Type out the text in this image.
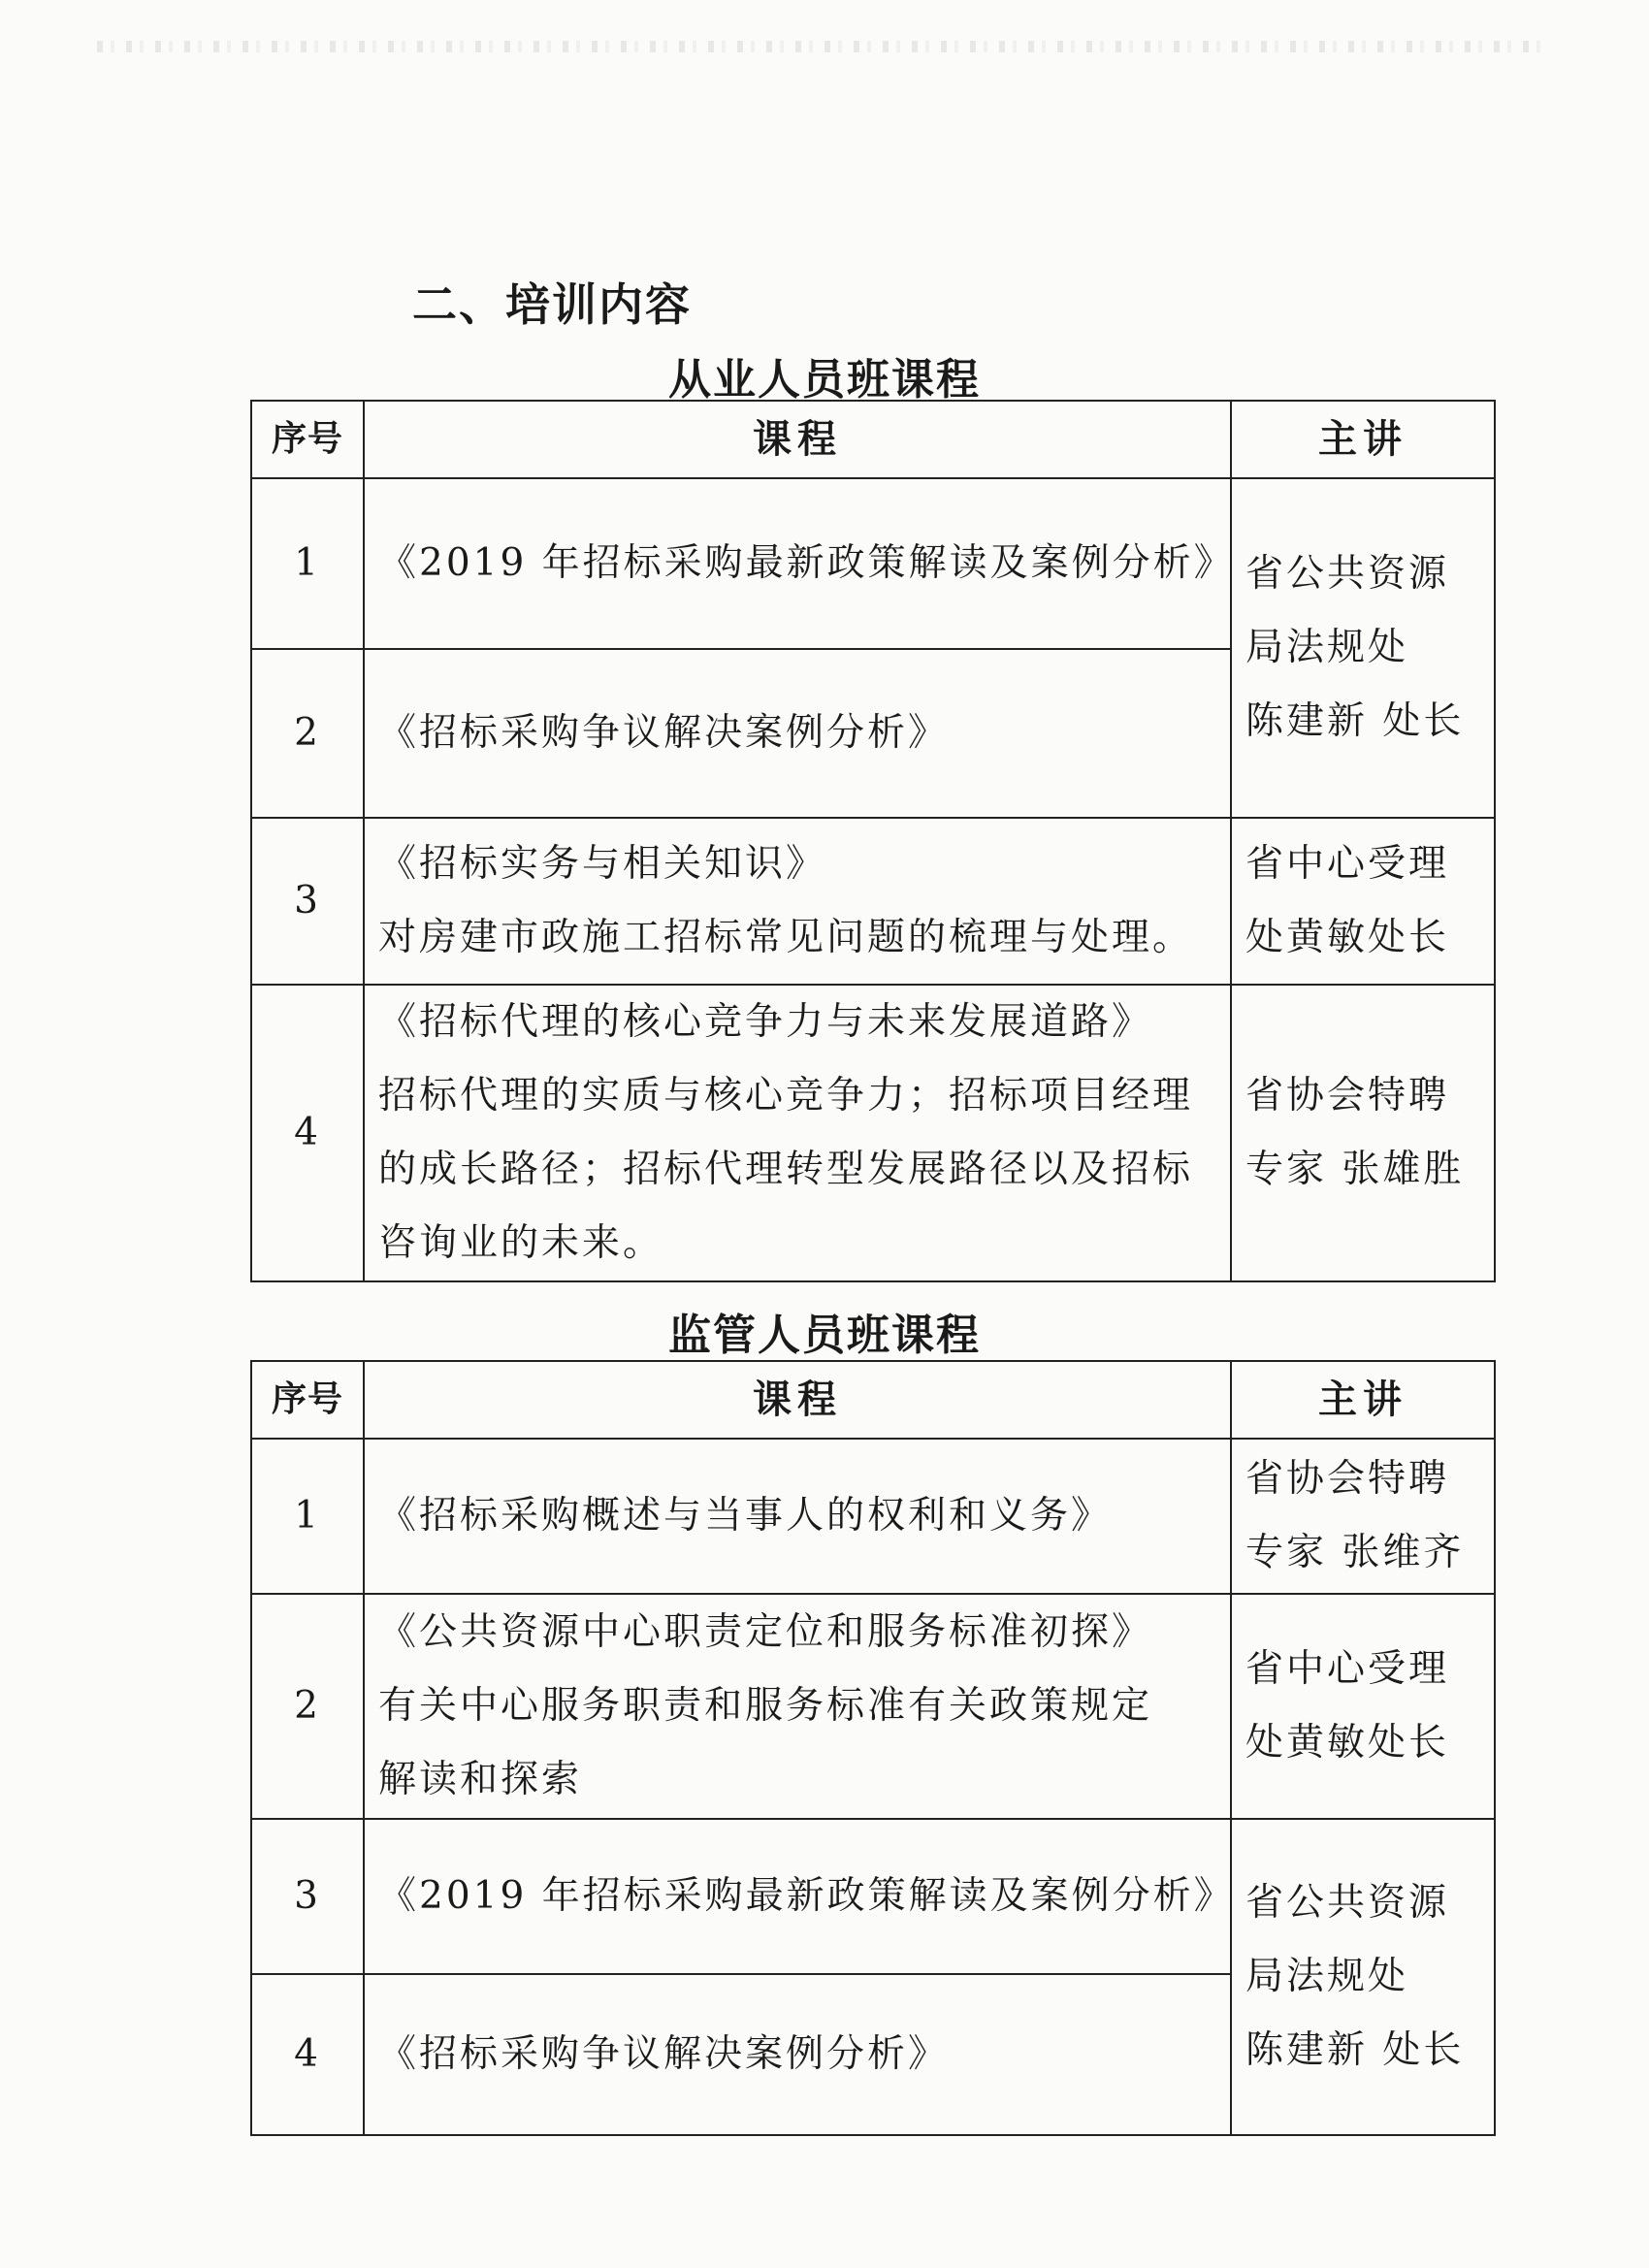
二、培训内容
从业人员班课程
序号	课程	主讲
1	《2019 年招标采购最新政策解读及案例分析》	省公共资源
局法规处
陈建新 处长

2	《招标采购争议解决案例分析》	

3	《招标实务与相关知识》
对房建市政施工招标常见问题的梳理与处理。	省中心受理
处黄敏处长

4	《招标代理的核心竞争力与未来发展道路》
招标代理的实质与核心竞争力；招标项目经理
的成长路径；招标代理转型发展路径以及招标
咨询业的未来。	省协会特聘
专家 张雄胜
监管人员班课程
序号	课程	主讲
1	《招标采购概述与当事人的权利和义务》	省协会特聘
专家 张维齐

2	《公共资源中心职责定位和服务标准初探》
有关中心服务职责和服务标准有关政策规定
解读和探索	省中心受理
处黄敏处长

3	《2019 年招标采购最新政策解读及案例分析》	省公共资源
局法规处
陈建新 处长

4	《招标采购争议解决案例分析》	
